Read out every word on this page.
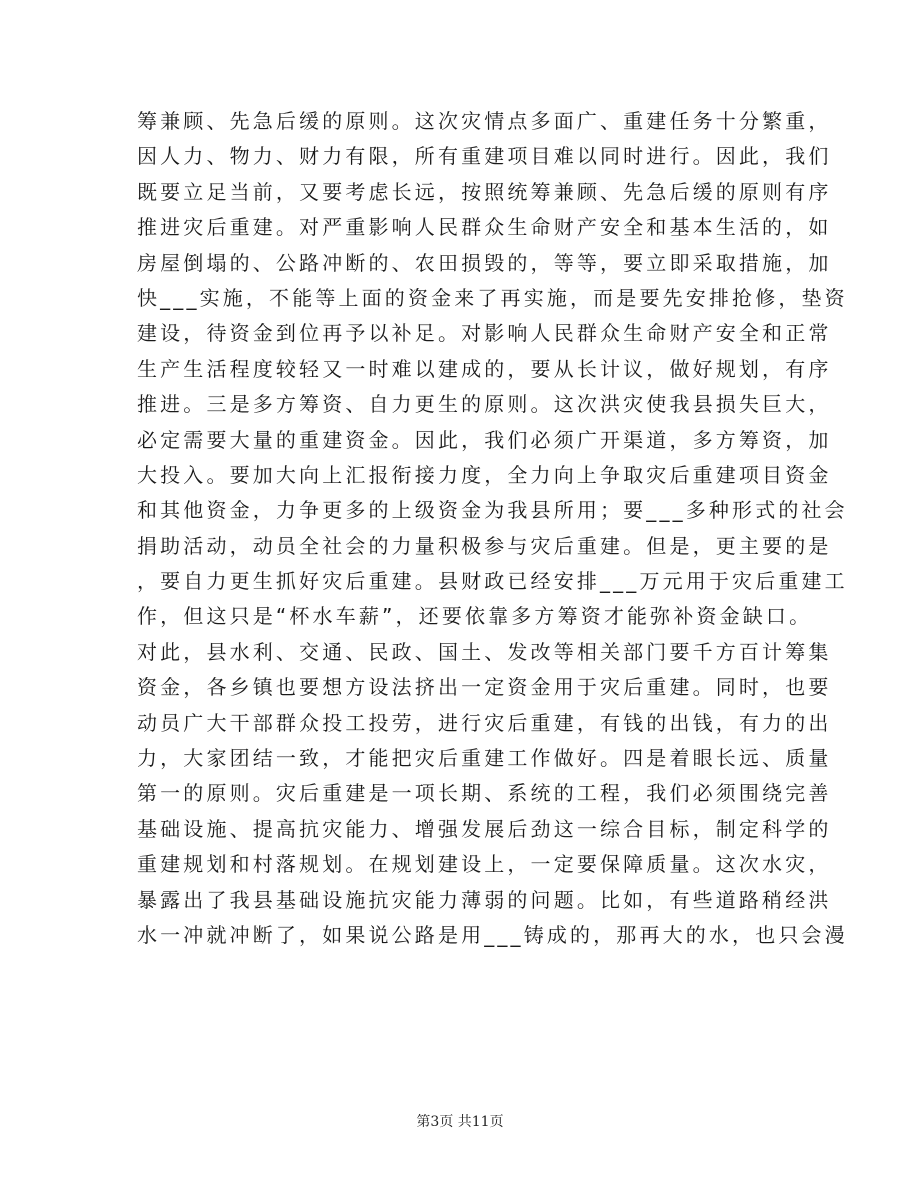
筹兼顾、先急后缓的原则。这次灾情点多面广、重建任务十分繁重，
因人力、物力、财力有限，所有重建项目难以同时进行。因此，我们
既要立足当前，又要考虑长远，按照统筹兼顾、先急后缓的原则有序
推进灾后重建。对严重影响人民群众生命财产安全和基本生活的，如
房屋倒塌的、公路冲断的、农田损毁的，等等，要立即采取措施，加
快___实施，不能等上面的资金来了再实施，而是要先安排抢修，垫资
建设，待资金到位再予以补足。对影响人民群众生命财产安全和正常
生产生活程度较轻又一时难以建成的，要从长计议，做好规划，有序
推进。三是多方筹资、自力更生的原则。这次洪灾使我县损失巨大，
必定需要大量的重建资金。因此，我们必须广开渠道，多方筹资，加
大投入。要加大向上汇报衔接力度，全力向上争取灾后重建项目资金
和其他资金，力争更多的上级资金为我县所用；要___多种形式的社会
捐助活动，动员全社会的力量积极参与灾后重建。但是，更主要的是
，要自力更生抓好灾后重建。县财政已经安排___万元用于灾后重建工
作，但这只是“杯水车薪”，还要依靠多方筹资才能弥补资金缺口。
对此，县水利、交通、民政、国土、发改等相关部门要千方百计筹集
资金，各乡镇也要想方设法挤出一定资金用于灾后重建。同时，也要
动员广大干部群众投工投劳，进行灾后重建，有钱的出钱，有力的出
力，大家团结一致，才能把灾后重建工作做好。四是着眼长远、质量
第一的原则。灾后重建是一项长期、系统的工程，我们必须围绕完善
基础设施、提高抗灾能力、增强发展后劲这一综合目标，制定科学的
重建规划和村落规划。在规划建设上，一定要保障质量。这次水灾，
暴露出了我县基础设施抗灾能力薄弱的问题。比如，有些道路稍经洪
水一冲就冲断了，如果说公路是用___铸成的，那再大的水，也只会漫
第3页 共11页
